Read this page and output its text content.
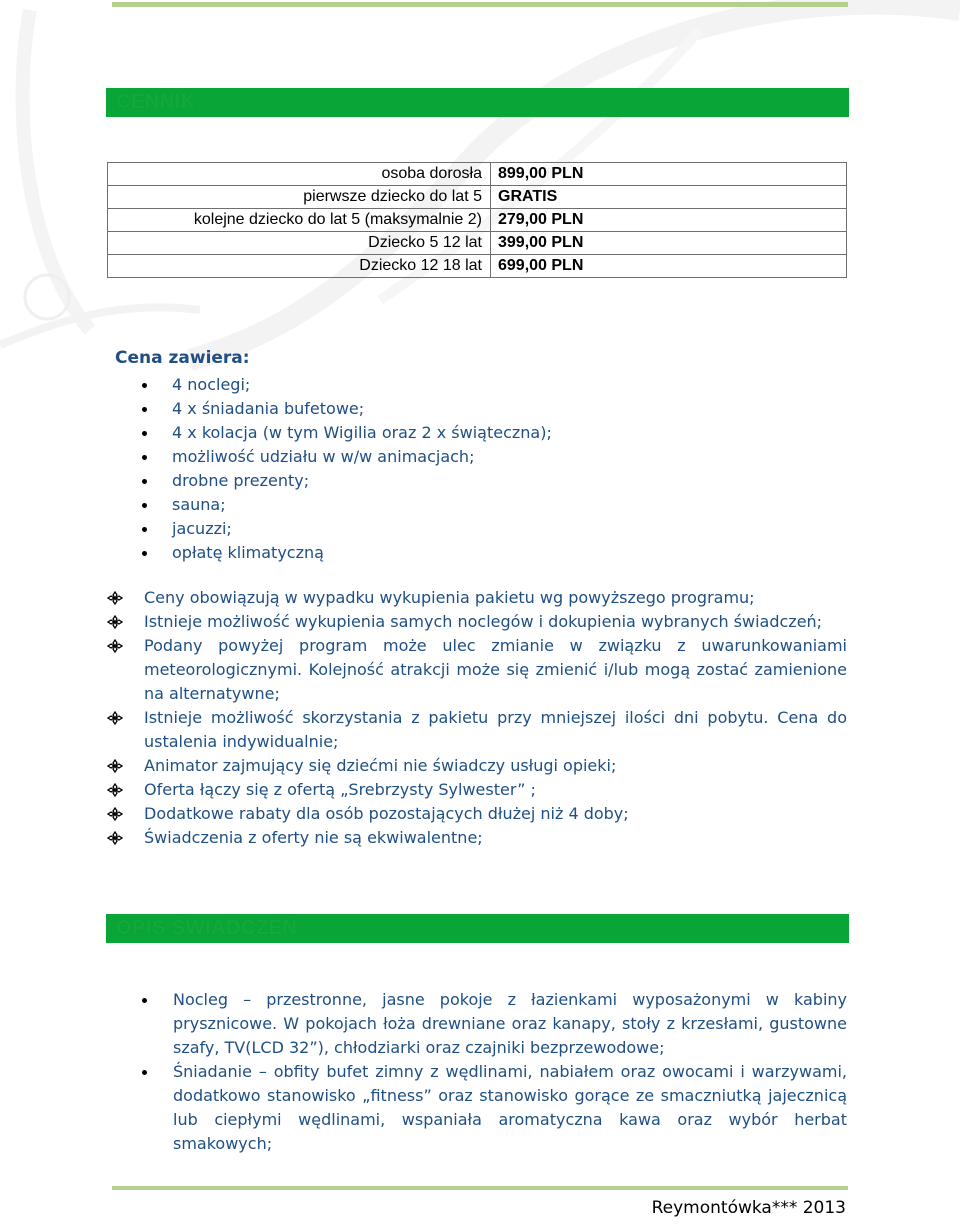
CENNIK
osoba dorosła	899,00 PLN
pierwsze dziecko do lat 5	GRATIS
kolejne dziecko do lat 5 (maksymalnie 2)	279,00 PLN
Dziecko 5 12 lat	399,00 PLN
Dziecko 12 18 lat	699,00 PLN
Cena zawiera:
4 noclegi;
4 x śniadania bufetowe;
4 x kolacja (w tym Wigilia oraz 2 x świąteczna);
możliwość udziału w w/w animacjach;
drobne prezenty;
sauna;
jacuzzi;
opłatę klimatyczną
Ceny obowiązują w wypadku wykupienia pakietu wg powyższego programu;
Istnieje możliwość wykupienia samych noclegów i dokupienia wybranych świadczeń;
Podany powyżej program może ulec zmianie w związku z uwarunkowaniami meteorologicznymi. Kolejność atrakcji może się zmienić i/lub mogą zostać zamienione na alternatywne;
Istnieje możliwość skorzystania z pakietu przy mniejszej ilości dni pobytu. Cena do ustalenia indywidualnie;
Animator zajmujący się dziećmi nie świadczy usługi opieki;
Oferta łączy się z ofertą „Srebrzysty Sylwester” ;
Dodatkowe rabaty dla osób pozostających dłużej niż 4 doby;
Świadczenia z oferty nie są ekwiwalentne;
OPIS ŚWIADCZEŃ
Nocleg – przestronne, jasne pokoje z łazienkami wyposażonymi w kabiny prysznicowe. W pokojach łoża drewniane oraz kanapy, stoły z krzesłami, gustowne szafy, TV(LCD 32”), chłodziarki oraz czajniki bezprzewodowe;
Śniadanie – obfity bufet zimny z wędlinami, nabiałem oraz owocami i warzywami, dodatkowo stanowisko „fitness” oraz stanowisko gorące ze smaczniutką jajecznicą lub ciepłymi wędlinami, wspaniała aromatyczna kawa oraz wybór herbat smakowych;
Reymontówka*** 2013
